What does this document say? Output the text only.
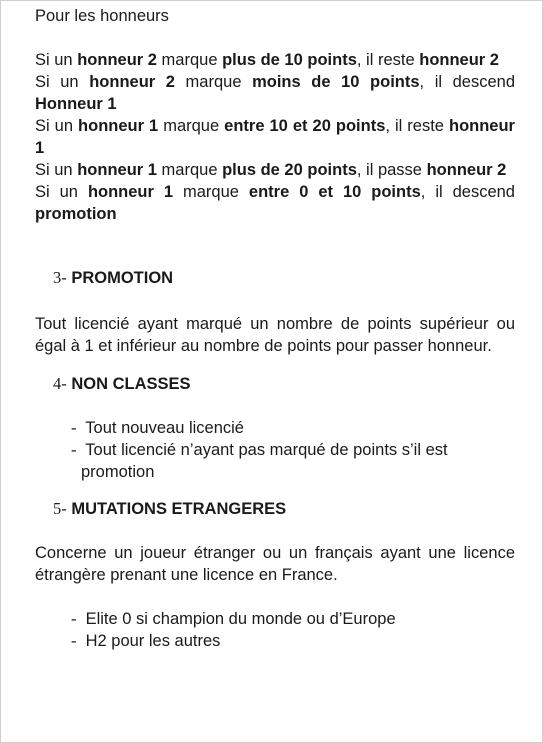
Pour les honneurs

Si un honneur 2 marque plus de 10 points, il reste honneur 2

Si un honneur 2 marque moins de 10 points, il descend Honneur 1

Si un honneur 1 marque entre 10 et 20 points, il reste honneur 1

Si un honneur 1 marque plus de 20 points, il passe honneur 2

Si un honneur 1 marque entre 0 et 10 points, il descend promotion

3- PROMOTION

Tout licencié ayant marqué un nombre de points supérieur ou égal à 1 et inférieur au nombre de points pour passer honneur.

4- NON CLASSES

- Tout nouveau licencié
- Tout licencié n’ayant pas marqué de points s’il est promotion

5- MUTATIONS ETRANGERES

Concerne un joueur étranger ou un français ayant une licence étrangère prenant une licence en France.

- Elite 0 si champion du monde ou d’Europe
- H2 pour les autres
